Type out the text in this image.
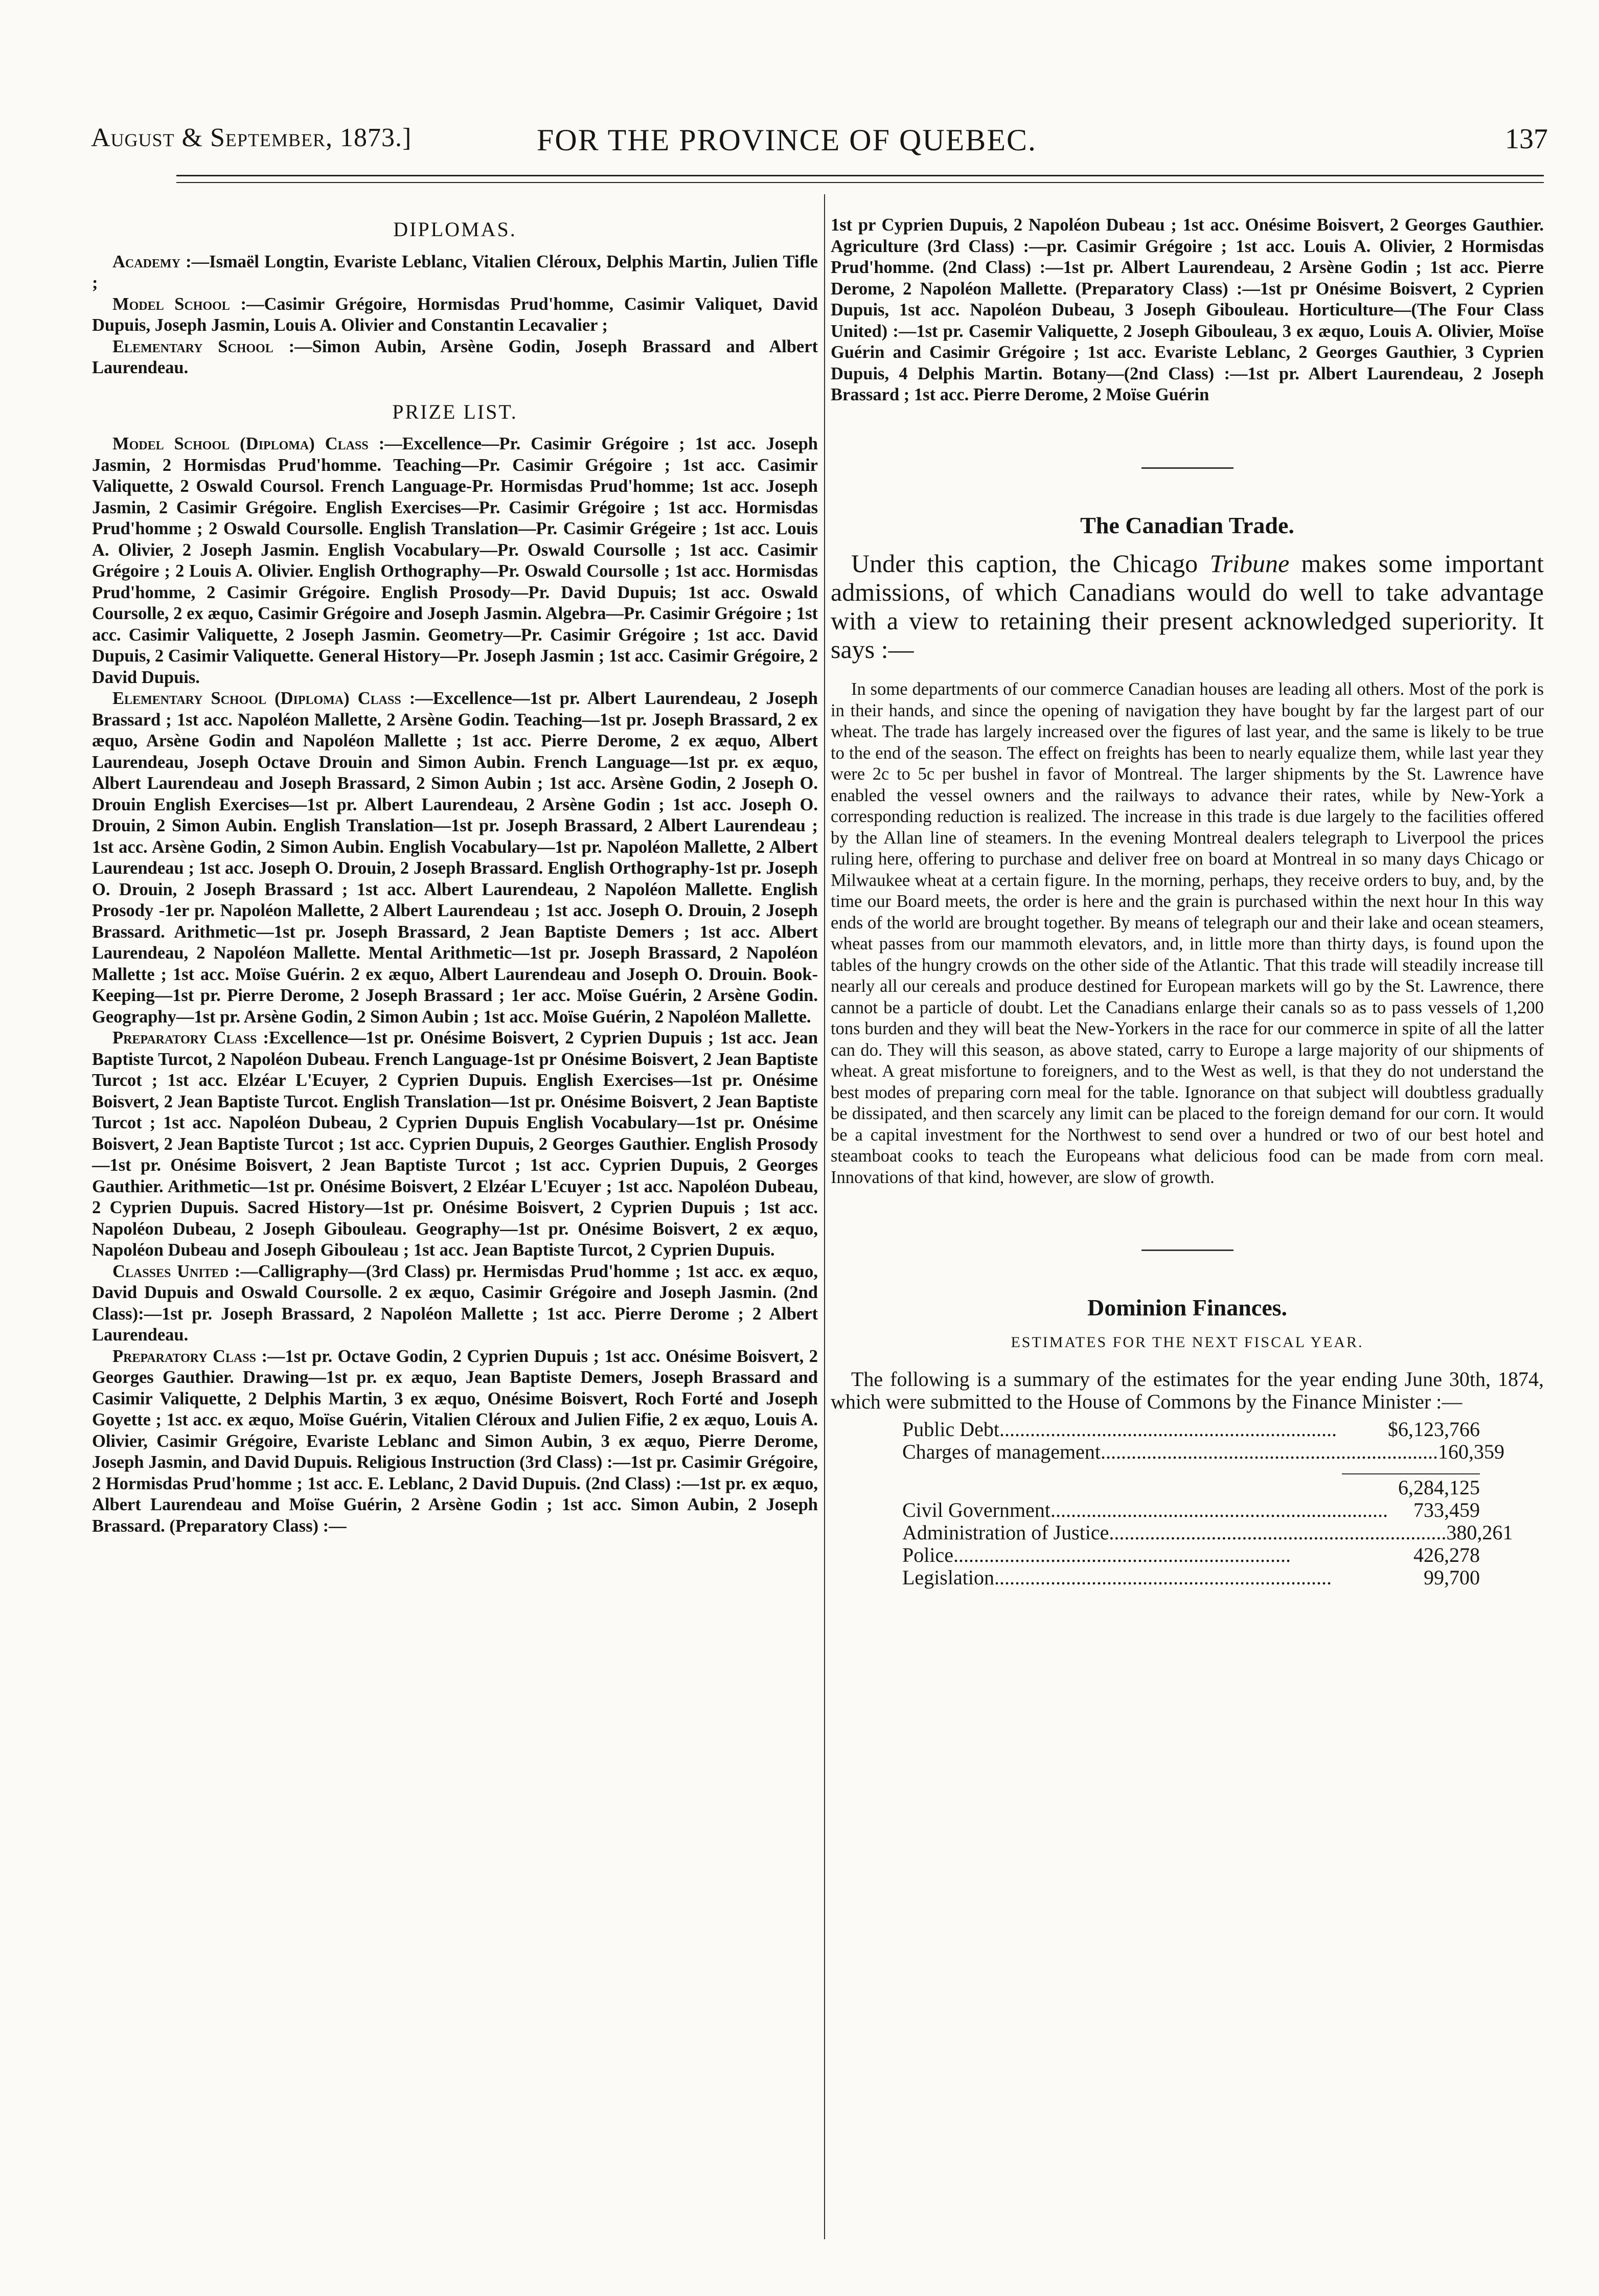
August & September, 1873.]	FOR THE PROVINCE OF QUEBEC.	137
DIPLOMAS.

Academy :—Ismaël Longtin, Evariste Leblanc, Vitalien Cléroux, Delphis Martin, Julien Tifle ;

Model School :—Casimir Grégoire, Hormisdas Prud'homme, Casimir Valiquet, David Dupuis, Joseph Jasmin, Louis A. Olivier and Constantin Lecavalier ;

Elementary School :—Simon Aubin, Arsène Godin, Joseph Brassard and Albert Laurendeau.

PRIZE LIST.

Model School (Diploma) Class :—Excellence—Pr. Casimir Grégoire ; 1st acc. Joseph Jasmin, 2 Hormisdas Prud'homme. Teaching—Pr. Casimir Grégoire ; 1st acc. Casimir Valiquette, 2 Oswald Coursol. French Language-Pr. Hormisdas Prud'homme; 1st acc. Joseph Jasmin, 2 Casimir Grégoire. English Exercises—Pr. Casimir Grégoire ; 1st acc. Hormisdas Prud'homme ; 2 Oswald Coursolle. English Translation—Pr. Casimir Grégeire ; 1st acc. Louis A. Olivier, 2 Joseph Jasmin. English Vocabulary—Pr. Oswald Coursolle ; 1st acc. Casimir Grégoire ; 2 Louis A. Olivier. English Orthography—Pr. Oswald Coursolle ; 1st acc. Hormisdas Prud'homme, 2 Casimir Grégoire. English Prosody—Pr. David Dupuis; 1st acc. Oswald Coursolle, 2 ex æquo, Casimir Grégoire and Joseph Jasmin. Algebra—Pr. Casimir Grégoire ; 1st acc. Casimir Valiquette, 2 Joseph Jasmin. Geometry—Pr. Casimir Grégoire ; 1st acc. David Dupuis, 2 Casimir Valiquette. General History—Pr. Joseph Jasmin ; 1st acc. Casimir Grégoire, 2 David Dupuis.

Elementary School (Diploma) Class :—Excellence—1st pr. Albert Laurendeau, 2 Joseph Brassard ; 1st acc. Napoléon Mallette, 2 Arsène Godin. Teaching—1st pr. Joseph Brassard, 2 ex æquo, Arsène Godin and Napoléon Mallette ; 1st acc. Pierre Derome, 2 ex æquo, Albert Laurendeau, Joseph Octave Drouin and Simon Aubin. French Language—1st pr. ex æquo, Albert Laurendeau and Joseph Brassard, 2 Simon Aubin ; 1st acc. Arsène Godin, 2 Joseph O. Drouin English Exercises—1st pr. Albert Laurendeau, 2 Arsène Godin ; 1st acc. Joseph O. Drouin, 2 Simon Aubin. English Translation—1st pr. Joseph Brassard, 2 Albert Laurendeau ; 1st acc. Arsène Godin, 2 Simon Aubin. English Vocabulary—1st pr. Napoléon Mallette, 2 Albert Laurendeau ; 1st acc. Joseph O. Drouin, 2 Joseph Brassard. English Orthography-1st pr. Joseph O. Drouin, 2 Joseph Brassard ; 1st acc. Albert Laurendeau, 2 Napoléon Mallette. English Prosody -1er pr. Napoléon Mallette, 2 Albert Laurendeau ; 1st acc. Joseph O. Drouin, 2 Joseph Brassard. Arithmetic—1st pr. Joseph Brassard, 2 Jean Baptiste Demers ; 1st acc. Albert Laurendeau, 2 Napoléon Mallette. Mental Arithmetic—1st pr. Joseph Brassard, 2 Napoléon Mallette ; 1st acc. Moïse Guérin. 2 ex æquo, Albert Laurendeau and Joseph O. Drouin. Book-Keeping—1st pr. Pierre Derome, 2 Joseph Brassard ; 1er acc. Moïse Guérin, 2 Arsène Godin. Geography—1st pr. Arsène Godin, 2 Simon Aubin ; 1st acc. Moïse Guérin, 2 Napoléon Mallette.

Preparatory Class :Excellence—1st pr. Onésime Boisvert, 2 Cyprien Dupuis ; 1st acc. Jean Baptiste Turcot, 2 Napoléon Dubeau. French Language-1st pr Onésime Boisvert, 2 Jean Baptiste Turcot ; 1st acc. Elzéar L'Ecuyer, 2 Cyprien Dupuis. English Exercises—1st pr. Onésime Boisvert, 2 Jean Baptiste Turcot. English Translation—1st pr. Onésime Boisvert, 2 Jean Baptiste Turcot ; 1st acc. Napoléon Dubeau, 2 Cyprien Dupuis English Vocabulary—1st pr. Onésime Boisvert, 2 Jean Baptiste Turcot ; 1st acc. Cyprien Dupuis, 2 Georges Gauthier. English Prosody—1st pr. Onésime Boisvert, 2 Jean Baptiste Turcot ; 1st acc. Cyprien Dupuis, 2 Georges Gauthier. Arithmetic—1st pr. Onésime Boisvert, 2 Elzéar L'Ecuyer ; 1st acc. Napoléon Dubeau, 2 Cyprien Dupuis. Sacred History—1st pr. Onésime Boisvert, 2 Cyprien Dupuis ; 1st acc. Napoléon Dubeau, 2 Joseph Gibouleau. Geography—1st pr. Onésime Boisvert, 2 ex æquo, Napoléon Dubeau and Joseph Gibouleau ; 1st acc. Jean Baptiste Turcot, 2 Cyprien Dupuis.

Classes United :—Calligraphy—(3rd Class) pr. Hermisdas Prud'homme ; 1st acc. ex æquo, David Dupuis and Oswald Coursolle. 2 ex æquo, Casimir Grégoire and Joseph Jasmin. (2nd Class):—1st pr. Joseph Brassard, 2 Napoléon Mallette ; 1st acc. Pierre Derome ; 2 Albert Laurendeau.

Preparatory Class :—1st pr. Octave Godin, 2 Cyprien Dupuis ; 1st acc. Onésime Boisvert, 2 Georges Gauthier. Drawing—1st pr. ex æquo, Jean Baptiste Demers, Joseph Brassard and Casimir Valiquette, 2 Delphis Martin, 3 ex æquo, Onésime Boisvert, Roch Forté and Joseph Goyette ; 1st acc. ex æquo, Moïse Guérin, Vitalien Cléroux and Julien Fifie, 2 ex æquo, Louis A. Olivier, Casimir Grégoire, Evariste Leblanc and Simon Aubin, 3 ex æquo, Pierre Derome, Joseph Jasmin, and David Dupuis. Religious Instruction (3rd Class) :—1st pr. Casimir Grégoire, 2 Hormisdas Prud'homme ; 1st acc. E. Leblanc, 2 David Dupuis. (2nd Class) :—1st pr. ex æquo, Albert Laurendeau and Moïse Guérin, 2 Arsène Godin ; 1st acc. Simon Aubin, 2 Joseph Brassard. (Preparatory Class) :—

1st pr Cyprien Dupuis, 2 Napoléon Dubeau ; 1st acc. Onésime Boisvert, 2 Georges Gauthier. Agriculture (3rd Class) :—pr. Casimir Grégoire ; 1st acc. Louis A. Olivier, 2 Hormisdas Prud'homme. (2nd Class) :—1st pr. Albert Laurendeau, 2 Arsène Godin ; 1st acc. Pierre Derome, 2 Napoléon Mallette. (Preparatory Class) :—1st pr Onésime Boisvert, 2 Cyprien Dupuis, 1st acc. Napoléon Dubeau, 3 Joseph Gibouleau. Horticulture—(The Four Class United) :—1st pr. Casemir Valiquette, 2 Joseph Gibouleau, 3 ex æquo, Louis A. Olivier, Moïse Guérin and Casimir Grégoire ; 1st acc. Evariste Leblanc, 2 Georges Gauthier, 3 Cyprien Dupuis, 4 Delphis Martin. Botany—(2nd Class) :—1st pr. Albert Laurendeau, 2 Joseph Brassard ; 1st acc. Pierre Derome, 2 Moïse Guérin

The Canadian Trade.

Under this caption, the Chicago Tribune makes some important admissions, of which Canadians would do well to take advantage with a view to retaining their present acknowledged superiority. It says :—

In some departments of our commerce Canadian houses are leading all others. Most of the pork is in their hands, and since the opening of navigation they have bought by far the largest part of our wheat. The trade has largely increased over the figures of last year, and the same is likely to be true to the end of the season. The effect on freights has been to nearly equalize them, while last year they were 2c to 5c per bushel in favor of Montreal. The larger shipments by the St. Lawrence have enabled the vessel owners and the railways to advance their rates, while by New-York a corresponding reduction is realized. The increase in this trade is due largely to the facilities offered by the Allan line of steamers. In the evening Montreal dealers telegraph to Liverpool the prices ruling here, offering to purchase and deliver free on board at Montreal in so many days Chicago or Milwaukee wheat at a certain figure. In the morning, perhaps, they receive orders to buy, and, by the time our Board meets, the order is here and the grain is purchased within the next hour In this way ends of the world are brought together. By means of telegraph our and their lake and ocean steamers, wheat passes from our mammoth elevators, and, in little more than thirty days, is found upon the tables of the hungry crowds on the other side of the Atlantic. That this trade will steadily increase till nearly all our cereals and produce destined for European markets will go by the St. Lawrence, there cannot be a particle of doubt. Let the Canadians enlarge their canals so as to pass vessels of 1,200 tons burden and they will beat the New-Yorkers in the race for our commerce in spite of all the latter can do. They will this season, as above stated, carry to Europe a large majority of our shipments of wheat. A great misfortune to foreigners, and to the West as well, is that they do not understand the best modes of preparing corn meal for the table. Ignorance on that subject will doubtless gradually be dissipated, and then scarcely any limit can be placed to the foreign demand for our corn. It would be a capital investment for the Northwest to send over a hundred or two of our best hotel and steamboat cooks to teach the Europeans what delicious food can be made from corn meal. Innovations of that kind, however, are slow of growth.

Dominion Finances.
ESTIMATES FOR THE NEXT FISCAL YEAR.

The following is a summary of the estimates for the year ending June 30th, 1874, which were submitted to the House of Commons by the Finance Minister :—

Public Debt..................................................................	$6,123,766
Charges of management.................................................................. 160,359
6,284,125
Civil Government..................................................................	733,459
Administration of Justice.................................................................. 380,261
Police..................................................................	426,278
Legislation..................................................................	99,700
